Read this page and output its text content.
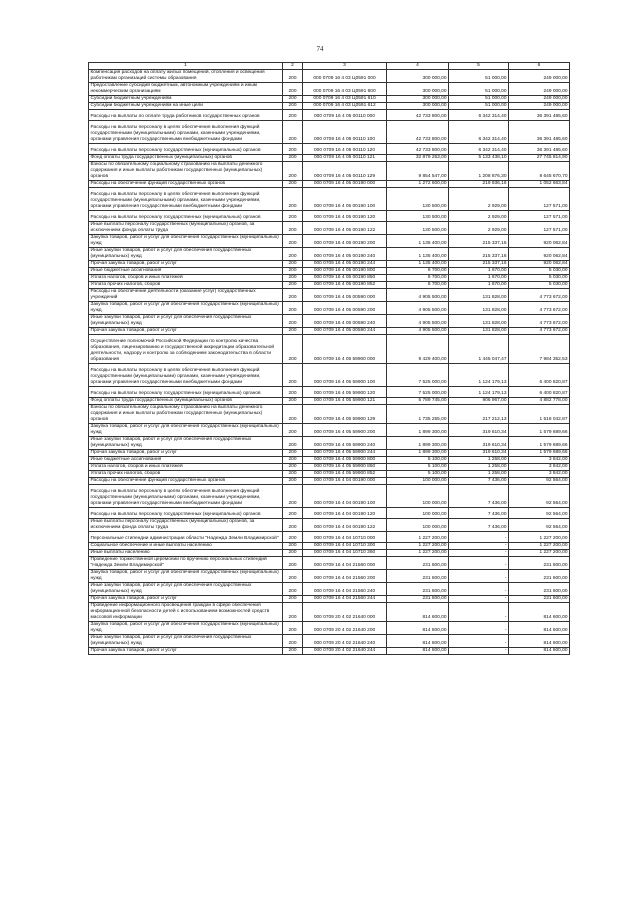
74
1	2	3	4	5	6
Компенсация расходов на оплату жилых помещений, отопления и освещения работникам организаций системы образования	200	000 0709 16 4 03 Ц0591 000	300 000,00	51 000,00	249 000,00
Предоставление субсидий бюджетным, автономным учреждениям и иным некоммерческим организациям	200	000 0709 16 4 03 Ц0591 600	300 000,00	51 000,00	249 000,00
Субсидии бюджетным учреждениям	200	000 0709 16 4 03 Ц0591 610	300 000,00	51 000,00	249 000,00
Субсидии бюджетным учреждениям на иные цели	200	000 0709 16 4 03 Ц0591 612	300 000,00	51 000,00	249 000,00
Расходы на выплаты по оплате труда работников государственных органов	200	000 0709 16 4 05 00110 000	42 733 800,00	6 342 314,40	36 391 485,60
Расходы на выплаты персоналу в целях обеспечения выполнения функций государственными (муниципальными) органами, казенными учреждениями, органами управления государственными внебюджетными фондами	200	000 0709 16 4 05 00110 100	42 733 800,00	6 342 314,40	36 391 485,60
Расходы на выплаты персоналу государственных (муниципальных) органов	200	000 0709 16 4 05 00110 120	42 733 800,00	6 342 314,40	36 391 485,60
Фонд оплаты труда государственных (муниципальных) органов	200	000 0709 16 4 05 00110 121	32 879 253,00	5 133 438,10	27 745 814,90
Взносы по обязательному социальному страхованию на выплаты денежного содержания и иные выплаты работникам государственных (муниципальных) органов	200	000 0709 16 4 05 00110 129	9 854 547,00	1 208 876,30	8 645 670,70
Расходы на обеспечение функций государственных органов	200	000 0709 16 4 05 00190 000	1 272 600,00	219 936,16	1 052 663,84
Расходы на выплаты персоналу в целях обеспечения выполнения функций государственными (муниципальными) органами, казенными учреждениями, органами управления государственными внебюджетными фондами	200	000 0709 16 4 05 00190 100	130 500,00	2 929,00	127 571,00
Расходы на выплаты персоналу государственных (муниципальных) органов	200	000 0709 16 4 05 00190 120	130 500,00	2 929,00	127 571,00
Иные выплаты персоналу государственных (муниципальных) органов, за исключением фонда оплаты труда	200	000 0709 16 4 05 00190 122	130 500,00	2 929,00	127 571,00
Закупка товаров, работ и услуг для обеспечения государственных (муниципальных) нужд	200	000 0709 16 4 05 00190 200	1 135 400,00	215 337,16	920 062,84
Иные закупки товаров, работ и услуг для обеспечения государственных (муниципальных) нужд	200	000 0709 16 4 05 00190 240	1 135 400,00	215 337,16	920 062,84
Прочая закупка товаров, работ и услуг	200	000 0709 16 4 05 00190 244	1 135 400,00	215 337,16	920 062,84
Иные бюджетные ассигнования	200	000 0709 16 4 05 00190 800	6 700,00	1 670,00	5 030,00
Уплата налогов, сборов и иных платежей	200	000 0709 16 4 05 00190 850	6 700,00	1 670,00	5 030,00
Уплата прочих налогов, сборов	200	000 0709 16 4 05 00190 852	6 700,00	1 670,00	5 030,00
Расходы на обеспечение деятельности (оказание услуг) государственных учреждений	200	000 0709 16 4 05 00590 000	4 905 500,00	131 828,00	4 773 672,00
Закупка товаров, работ и услуг для обеспечения государственных (муниципальных) нужд	200	000 0709 16 4 05 00590 200	4 905 500,00	131 828,00	4 773 672,00
Иные закупки товаров, работ и услуг для обеспечения государственных (муниципальных) нужд	200	000 0709 16 4 05 00590 240	4 905 500,00	131 828,00	4 773 672,00
Прочая закупка товаров, работ и услуг	200	000 0709 16 4 05 00590 244	4 905 500,00	131 828,00	4 773 672,00
Осуществление полномочий Российской Федерации по контролю качества образования, лицензированию и государственной аккредитации образовательной деятельности, надзору и контролю за соблюдением законодательства в области образования	200	000 0709 16 4 05 59900 000	9 429 400,00	1 445 047,47	7 984 352,53
Расходы на выплаты персоналу в целях обеспечения выполнения функций государственными (муниципальными) органами, казенными учреждениями, органами управления государственными внебюджетными фондами	200	000 0709 16 4 05 59900 100	7 525 000,00	1 124 179,13	6 400 820,87
Расходы на выплаты персоналу государственных (муниципальных) органов	200	000 0709 16 4 05 59900 120	7 525 000,00	1 124 179,13	6 400 820,87
Фонд оплаты труда государственных (муниципальных) органов	200	000 0709 16 4 05 59900 121	5 789 745,00	906 967,00	4 882 778,00
Взносы по обязательному социальному страхованию на выплаты денежного содержания и иные выплаты работникам государственных (муниципальных) органов	200	000 0709 16 4 05 59900 129	1 735 255,00	217 212,13	1 518 042,87
Закупка товаров, работ и услуг для обеспечения государственных (муниципальных) нужд	200	000 0709 16 4 05 59900 200	1 899 300,00	319 610,34	1 579 689,66
Иные закупки товаров, работ и услуг для обеспечения государственных (муниципальных) нужд	200	000 0709 16 4 05 59900 240	1 899 300,00	319 610,34	1 579 689,66
Прочая закупка товаров, работ и услуг	200	000 0709 16 4 05 59900 244	1 899 300,00	319 610,34	1 579 689,66
Иные бюджетные ассигнования	200	000 0709 16 4 05 59900 800	5 100,00	1 258,00	3 842,00
Уплата налогов, сборов и иных платежей	200	000 0709 16 4 05 59900 850	5 100,00	1 258,00	3 842,00
Уплата прочих налогов, сборов	200	000 0709 16 4 05 59900 852	5 100,00	1 258,00	3 842,00
Расходы на обеспечение функций государственных органов	200	000 0709 16 4 04 00190 000	100 000,00	7 436,00	92 564,00
Расходы на выплаты персоналу в целях обеспечения выполнения функций государственными (муниципальными) органами, казенными учреждениями, органами управления государственными внебюджетными фондами	200	000 0709 16 4 04 00190 100	100 000,00	7 436,00	92 564,00
Расходы на выплаты персоналу государственных (муниципальных) органов	200	000 0709 16 4 04 00190 120	100 000,00	7 436,00	92 564,00
Иные выплаты персоналу государственных (муниципальных) органов, за исключением фонда оплаты труда	200	000 0709 16 4 04 00190 122	100 000,00	7 436,00	92 564,00
Персональные стипендии администрации области "Надежда Земли Владимирской"	200	000 0709 16 4 04 10710 000	1 227 200,00	-	1 227 200,00
Социальное обеспечение и иные выплаты населению	200	000 0709 16 4 04 10710 300	1 227 200,00	-	1 227 200,00
Иные выплаты населению	200	000 0709 16 4 04 10710 360	1 227 200,00	-	1 227 200,00
Проведение торжественной церемонии по вручению персональных стипендий "Надежда Земли Владимирской"	200	000 0709 16 4 04 21560 000	231 600,00	-	231 600,00
Закупка товаров, работ и услуг для обеспечения государственных (муниципальных) нужд	200	000 0709 16 4 04 21560 200	231 600,00	-	231 600,00
Иные закупки товаров, работ и услуг для обеспечения государственных (муниципальных) нужд	200	000 0709 16 4 04 21560 240	231 600,00	-	231 600,00
Прочая закупка товаров, работ и услуг	200	000 0709 16 4 04 21560 244	231 600,00	-	231 600,00
Проведение информационного просвещения граждан в сфере обеспечения информационной безопасности детей с использованием возможностей средств массовой информации	200	000 0709 20 4 02 21640 000	814 600,00	-	814 600,00
Закупка товаров, работ и услуг для обеспечения государственных (муниципальных) нужд	200	000 0709 20 4 02 21640 200	814 600,00	-	814 600,00
Иные закупки товаров, работ и услуг для обеспечения государственных (муниципальных) нужд	200	000 0709 20 4 02 21640 240	814 600,00	-	814 600,00
Прочая закупка товаров, работ и услуг	200	000 0709 20 4 02 21640 244	814 600,00	-	814 600,00
